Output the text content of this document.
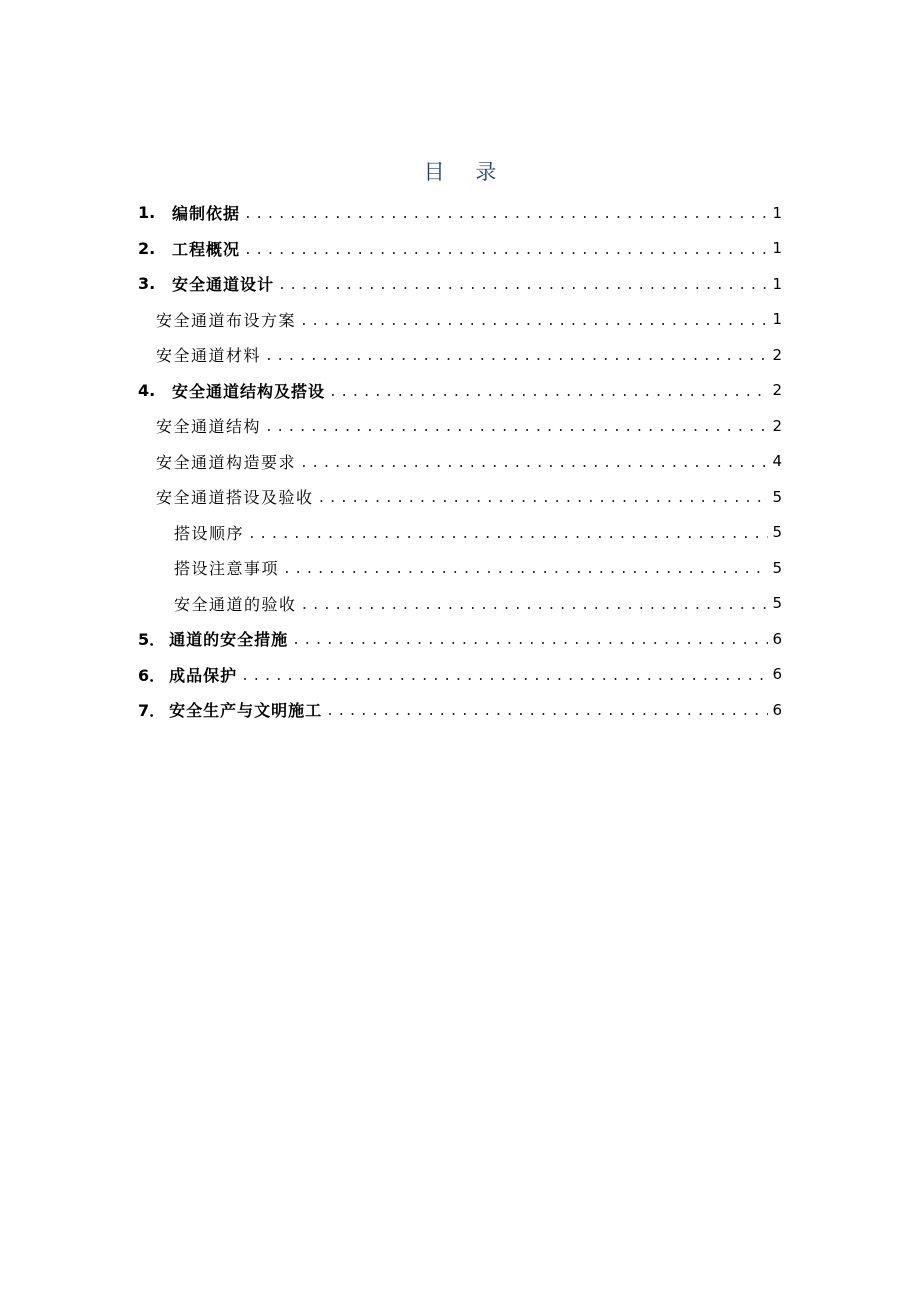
目 录
1.	编制依据 .....	1
2.	工程概况 .....	1
3.	安全通道设计 .....	1
安全通道布设方案 .....	1
安全通道材料 .....	2
4.	安全通道结构及搭设 .....	2
安全通道结构 .....	2
安全通道构造要求 .....	4
安全通道搭设及验收 .....	5
搭设顺序 .....	5
搭设注意事项 .....	5
安全通道的验收 .....	5
5． 通道的安全措施 .....	6
6． 成品保护 .....	6
7． 安全生产与文明施工 .....	6
